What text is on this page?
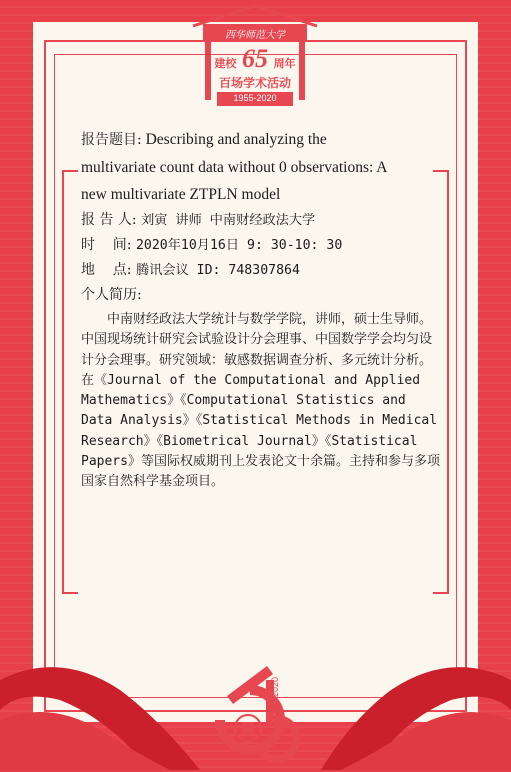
西华师范大学
建校 65 周年
百场学术活动
1955-2020
报告题目: Describing and analyzing the
multivariate count data without 0 observations: A
new multivariate ZTPLN model
报 告 人: 刘寅 讲师 中南财经政法大学
时    间: 2020年10月16日 9: 30-10: 30
地    点: 腾讯会议 ID: 748307864
个人简历:
中南财经政法大学统计与数学学院，讲师，硕士生导师。中国现场统计研究会试验设计分会理事、中国数学学会均匀设计分会理事。研究领域：敏感数据调查分析、多元统计分析。在《Journal of the Computational and Applied Mathematics》《Computational Statistics and Data Analysis》《Statistical Methods in Medical Research》《Biometrical Journal》《Statistical Papers》等国际权威期刊上发表论文十余篇。主持和参与多项国家自然科学基金项目。
1955-2020
